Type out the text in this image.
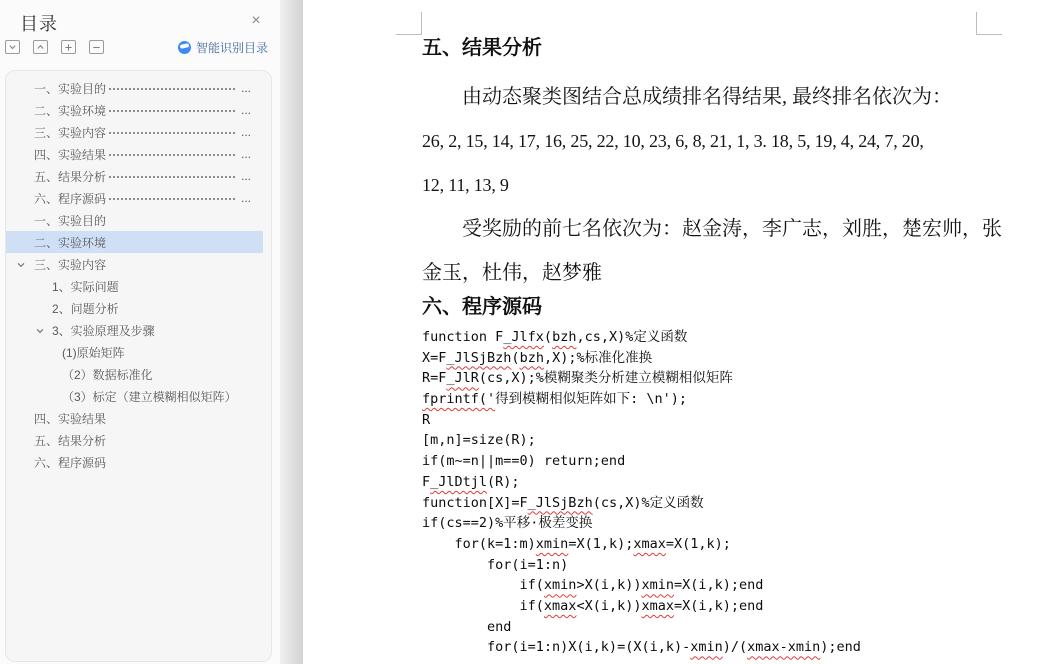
目录	×
智能识别目录
一、实验目的	...
二、实验环境	...
三、实验内容	...
四、实验结果	...
五、结果分析	...
六、程序源码	...
一、实验目的
二、实验环境
三、实验内容
1、实际问题
2、问题分析
3、实验原理及步骤
(1)原始矩阵
（2）数据标准化
（3）标定（建立模糊相似矩阵）
四、实验结果
五、结果分析
六、程序源码
五、结果分析
由动态聚类图结合总成绩排名得结果, 最终排名依次为：
26, 2, 15, 14, 17, 16, 25, 22, 10, 23, 6, 8, 21, 1, 3. 18, 5, 19, 4, 24, 7, 20,
12, 11, 13, 9
受奖励的前七名依次为：赵金涛，李广志，刘胜，楚宏帅，张
金玉，杜伟，赵梦雅
六、程序源码
function F_Jlfx(bzh,cs,X)%定义函数
X=F_JlSjBzh(bzh,X);%标准化准换
R=F_JlR(cs,X);%模糊聚类分析建立模糊相似矩阵
fprintf('得到模糊相似矩阵如下: \n');
R
[m,n]=size(R);
if(m~=n||m==0) return;end
F_JlDtjl(R);
function[X]=F_JlSjBzh(cs,X)%定义函数
if(cs==2)%平移·极差变换
for(k=1:m)xmin=X(1,k);xmax=X(1,k);
for(i=1:n)
if(xmin>X(i,k))xmin=X(i,k);end
if(xmax<X(i,k))xmax=X(i,k);end
end
for(i=1:n)X(i,k)=(X(i,k)-xmin)/(xmax-xmin);end
